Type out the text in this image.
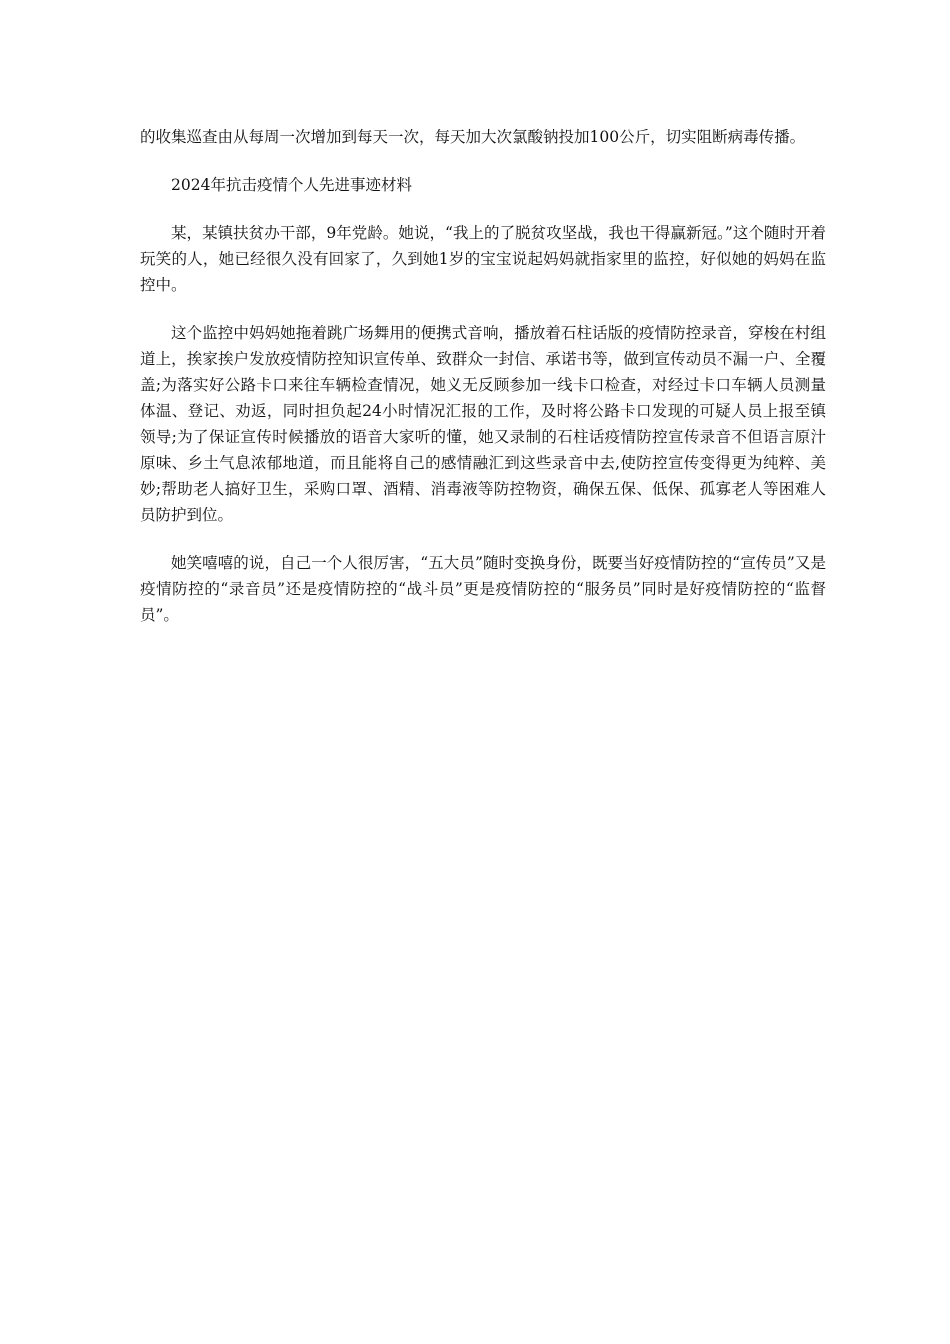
的收集巡查由从每周一次增加到每天一次，每天加大次氯酸钠投加100公斤，切实阻断病毒传播。

2024年抗击疫情个人先进事迹材料

某，某镇扶贫办干部，9年党龄。她说，“我上的了脱贫攻坚战，我也干得赢新冠。”这个随时开着玩笑的人，她已经很久没有回家了，久到她1岁的宝宝说起妈妈就指家里的监控，好似她的妈妈在监控中。

这个监控中妈妈她拖着跳广场舞用的便携式音响，播放着石柱话版的疫情防控录音，穿梭在村组道上，挨家挨户发放疫情防控知识宣传单、致群众一封信、承诺书等，做到宣传动员不漏一户、全覆盖;为落实好公路卡口来往车辆检查情况，她义无反顾参加一线卡口检查，对经过卡口车辆人员测量体温、登记、劝返，同时担负起24小时情况汇报的工作，及时将公路卡口发现的可疑人员上报至镇领导;为了保证宣传时候播放的语音大家听的懂，她又录制的石柱话疫情防控宣传录音不但语言原汁原味、乡土气息浓郁地道，而且能将自己的感情融汇到这些录音中去,使防控宣传变得更为纯粹、美妙;帮助老人搞好卫生，采购口罩、酒精、消毒液等防控物资，确保五保、低保、孤寡老人等困难人员防护到位。

她笑嘻嘻的说，自己一个人很厉害，“五大员”随时变换身份，既要当好疫情防控的“宣传员”又是疫情防控的“录音员”还是疫情防控的“战斗员”更是疫情防控的“服务员”同时是好疫情防控的“监督员”。
